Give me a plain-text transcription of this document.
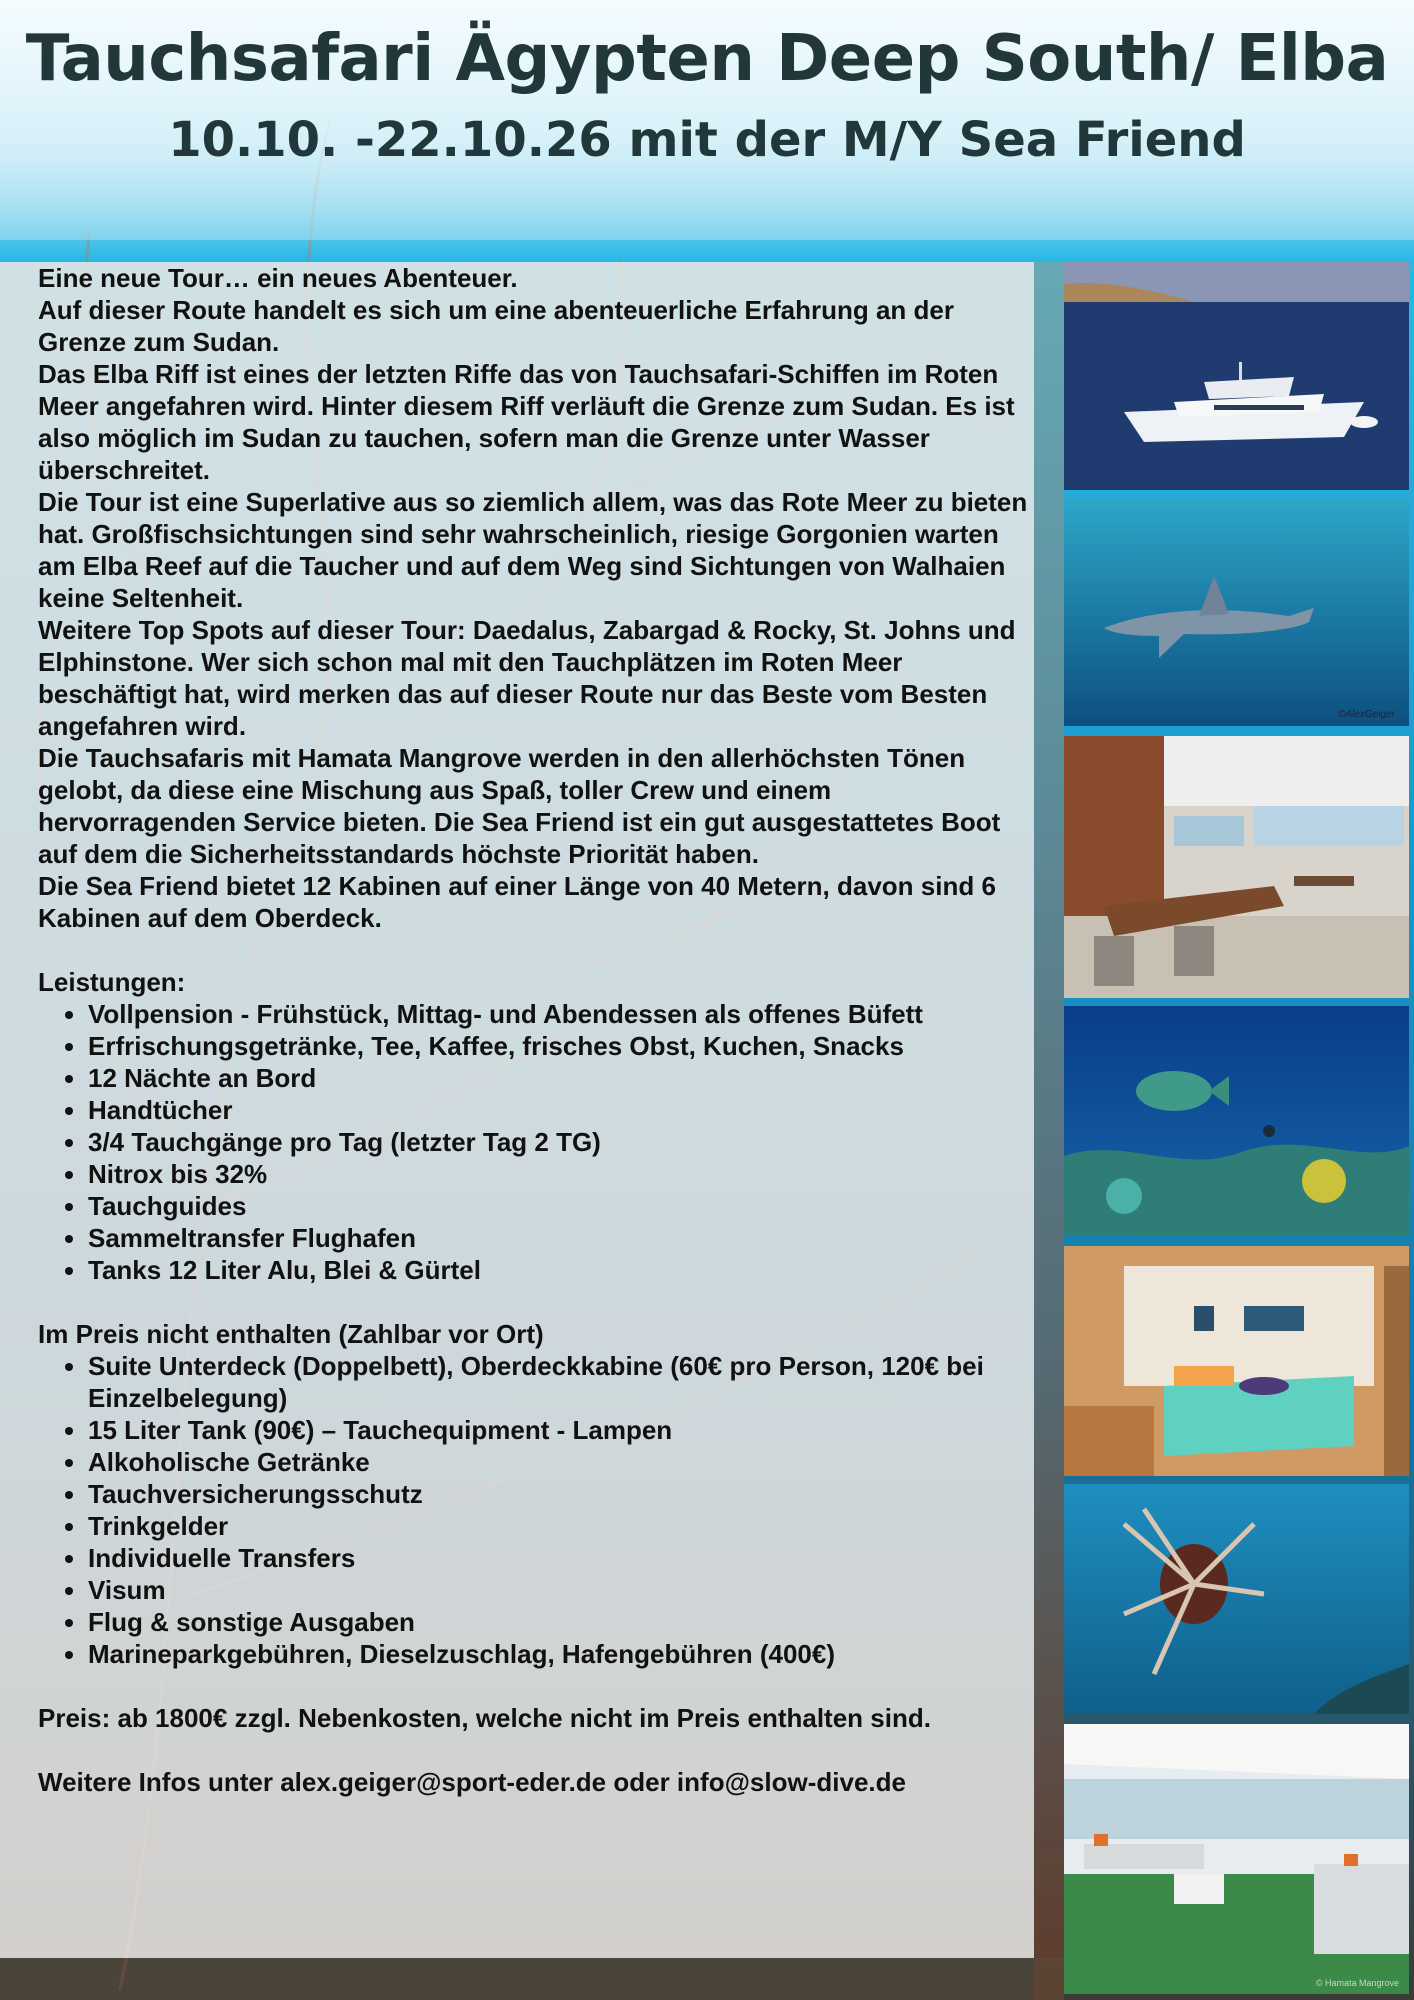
Tauchsafari Ägypten Deep South/ Elba
10.10. -22.10.26 mit der M/Y Sea Friend

Eine neue Tour… ein neues Abenteuer.

Auf dieser Route handelt es sich um eine abenteuerliche Erfahrung an der Grenze zum Sudan.

Das Elba Riff ist eines der letzten Riffe das von Tauchsafari-Schiffen im Roten Meer angefahren wird. Hinter diesem Riff verläuft die Grenze zum Sudan. Es ist also möglich im Sudan zu tauchen, sofern man die Grenze unter Wasser überschreitet.

Die Tour ist eine Superlative aus so ziemlich allem, was das Rote Meer zu bieten hat. Großfischsichtungen sind sehr wahrscheinlich, riesige Gorgonien warten am Elba Reef auf die Taucher und auf dem Weg sind Sichtungen von Walhaien keine Seltenheit.

Weitere Top Spots auf dieser Tour: Daedalus, Zabargad & Rocky, St. Johns und Elphinstone. Wer sich schon mal mit den Tauchplätzen im Roten Meer beschäftigt hat, wird merken das auf dieser Route nur das Beste vom Besten angefahren wird.

Die Tauchsafaris mit Hamata Mangrove werden in den allerhöchsten Tönen gelobt, da diese eine Mischung aus Spaß, toller Crew und einem hervorragenden Service bieten. Die Sea Friend ist ein gut ausgestattetes Boot auf dem die Sicherheitsstandards höchste Priorität haben.

Die Sea Friend bietet 12 Kabinen auf einer Länge von 40 Metern, davon sind 6 Kabinen auf dem Oberdeck.

Leistungen:

• Vollpension - Frühstück, Mittag- und Abendessen als offenes Büfett
• Erfrischungsgetränke, Tee, Kaffee, frisches Obst, Kuchen, Snacks
• 12 Nächte an Bord
• Handtücher
• 3/4 Tauchgänge pro Tag (letzter Tag 2 TG)
• Nitrox bis 32%
• Tauchguides
• Sammeltransfer Flughafen
• Tanks 12 Liter Alu, Blei & Gürtel

Im Preis nicht enthalten (Zahlbar vor Ort)

• Suite Unterdeck (Doppelbett), Oberdeckkabine (60€ pro Person, 120€ bei Einzelbelegung)
• 15 Liter Tank (90€) – Tauchequipment - Lampen
• Alkoholische Getränke
• Tauchversicherungsschutz
• Trinkgelder
• Individuelle Transfers
• Visum
• Flug & sonstige Ausgaben
• Marineparkgebühren, Dieselzuschlag, Hafengebühren (400€)

Preis: ab 1800€ zzgl. Nebenkosten, welche nicht im Preis enthalten sind.

Weitere Infos unter alex.geiger@sport-eder.de oder info@slow-dive.de

©AlexGeiger
© Hamata Mangrove
